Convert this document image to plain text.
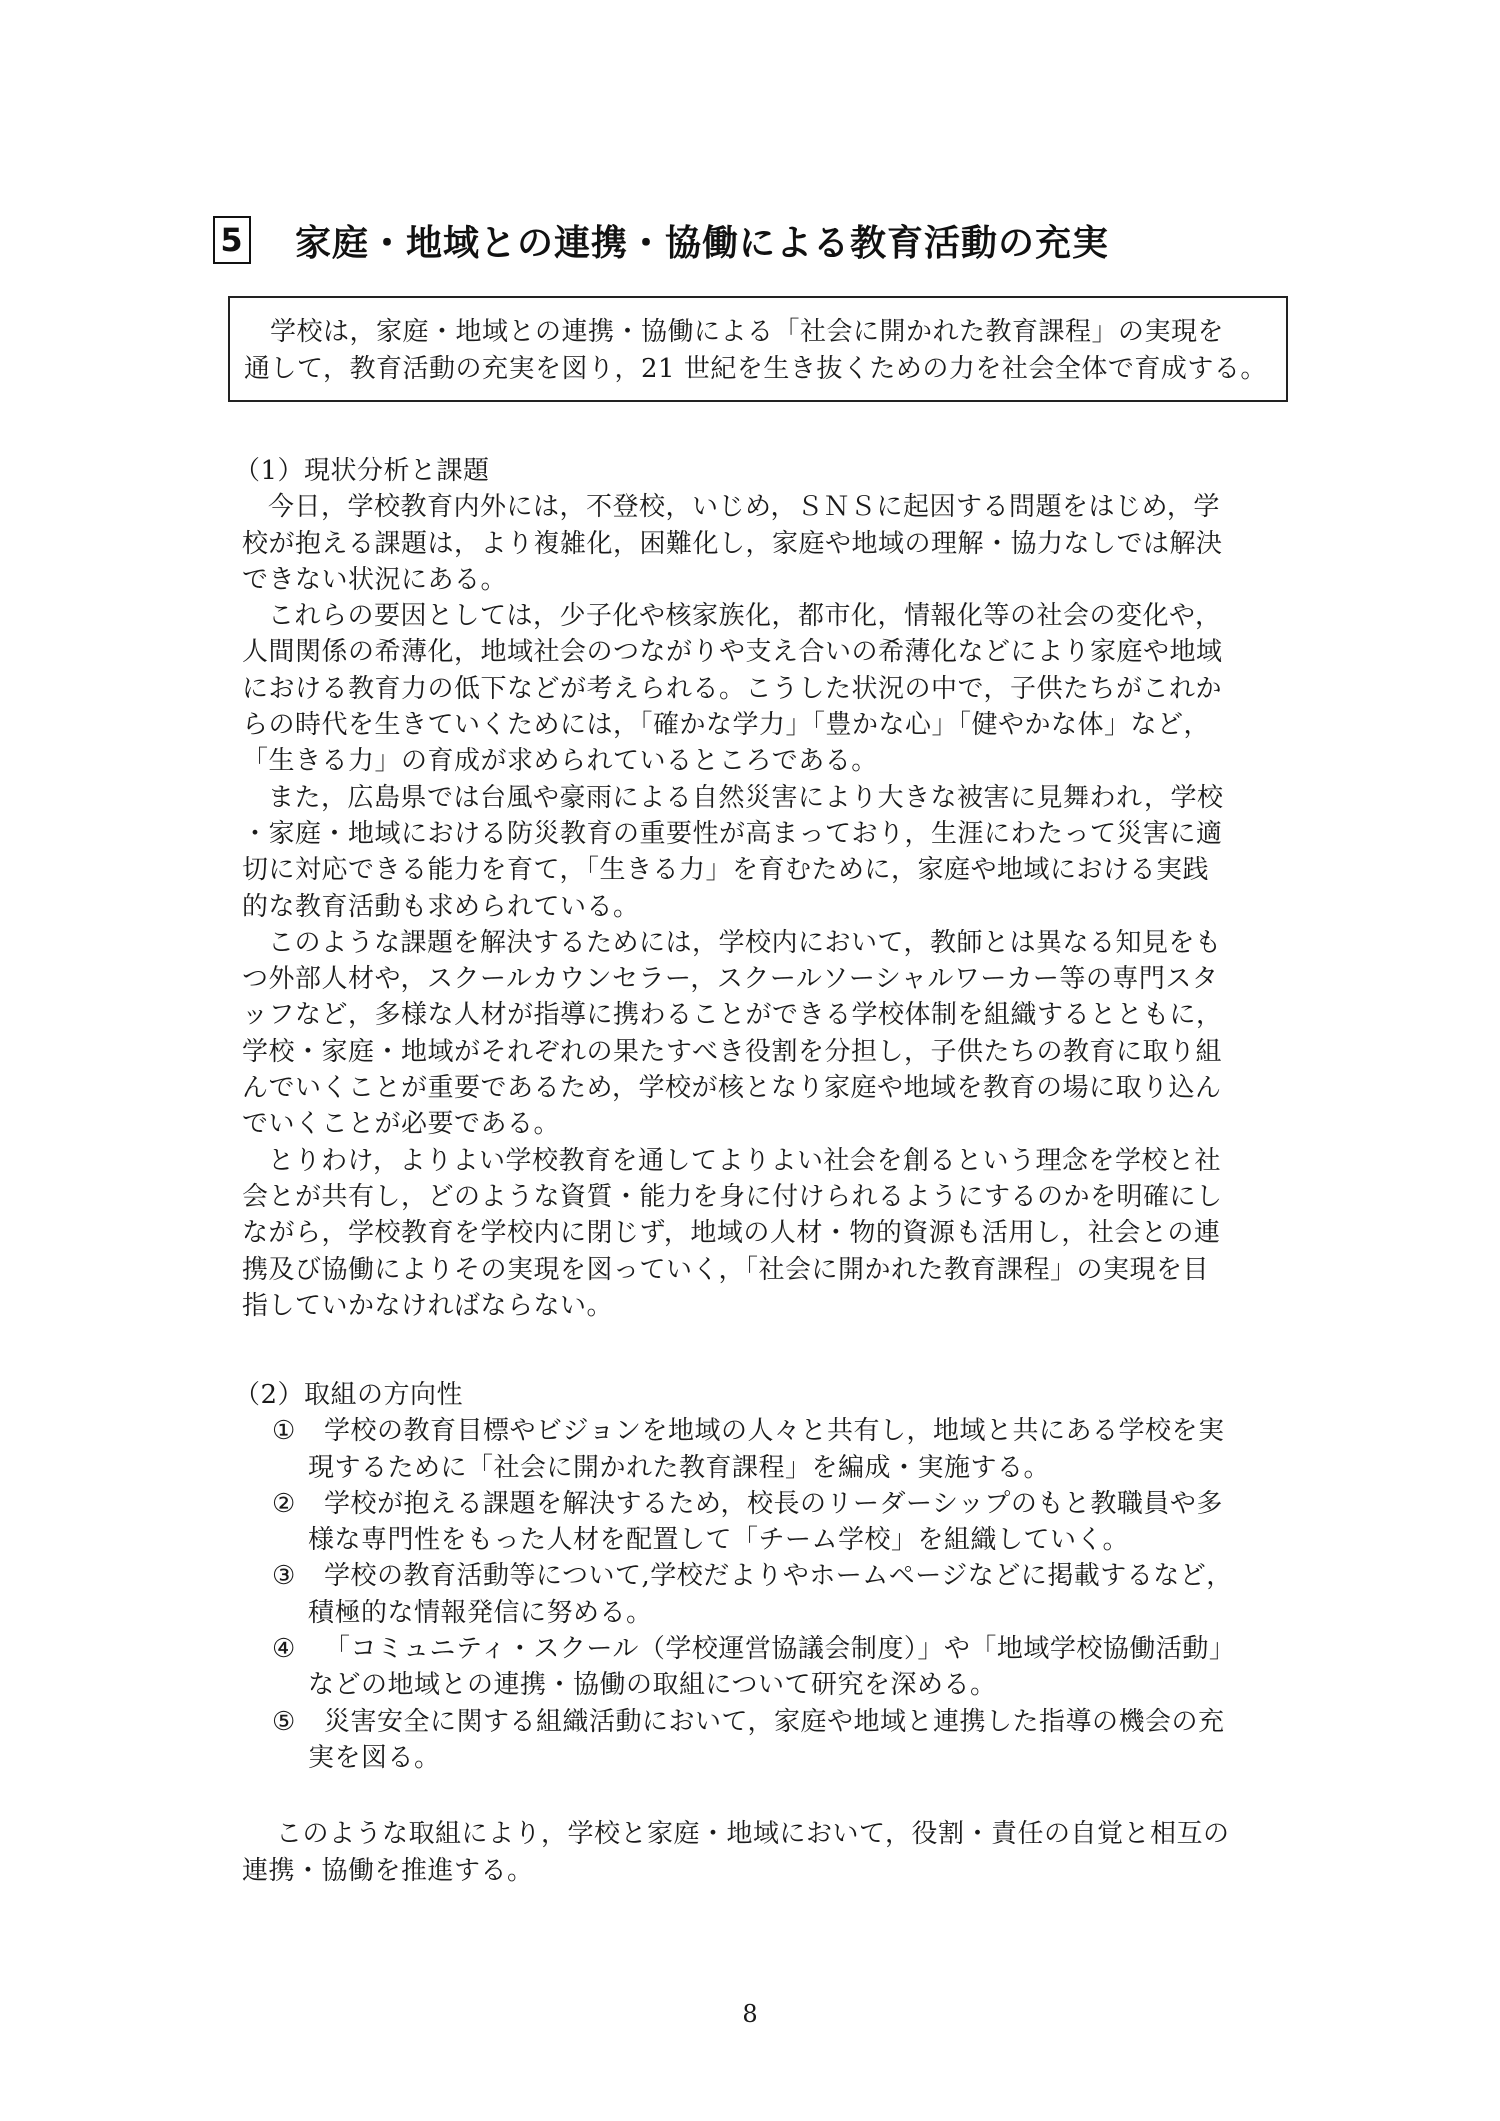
5 家庭・地域との連携・協働による教育活動の充実

学校は，家庭・地域との連携・協働による「社会に開かれた教育課程」の実現を

通して，教育活動の充実を図り，21 世紀を生き抜くための力を社会全体で育成する。

（1）現状分析と課題

今日，学校教育内外には，不登校，いじめ，ＳＮＳに起因する問題をはじめ，学

校が抱える課題は，より複雑化，困難化し，家庭や地域の理解・協力なしでは解決

できない状況にある。

これらの要因としては，少子化や核家族化，都市化，情報化等の社会の変化や，

人間関係の希薄化，地域社会のつながりや支え合いの希薄化などにより家庭や地域

における教育力の低下などが考えられる。こうした状況の中で，子供たちがこれか

らの時代を生きていくためには，「確かな学力」「豊かな心」「健やかな体」など，

「生きる力」の育成が求められているところである。

また，広島県では台風や豪雨による自然災害により大きな被害に見舞われ，学校

・家庭・地域における防災教育の重要性が高まっており，生涯にわたって災害に適

切に対応できる能力を育て，「生きる力」を育むために，家庭や地域における実践

的な教育活動も求められている。

このような課題を解決するためには，学校内において，教師とは異なる知見をも

つ外部人材や，スクールカウンセラー，スクールソーシャルワーカー等の専門スタ

ッフなど，多様な人材が指導に携わることができる学校体制を組織するとともに，

学校・家庭・地域がそれぞれの果たすべき役割を分担し，子供たちの教育に取り組

んでいくことが重要であるため，学校が核となり家庭や地域を教育の場に取り込ん

でいくことが必要である。

とりわけ，よりよい学校教育を通してよりよい社会を創るという理念を学校と社

会とが共有し，どのような資質・能力を身に付けられるようにするのかを明確にし

ながら，学校教育を学校内に閉じず，地域の人材・物的資源も活用し，社会との連

携及び協働によりその実現を図っていく，「社会に開かれた教育課程」の実現を目

指していかなければならない。

（2）取組の方向性

① 学校の教育目標やビジョンを地域の人々と共有し，地域と共にある学校を実

現するために「社会に開かれた教育課程」を編成・実施する。

② 学校が抱える課題を解決するため，校長のリーダーシップのもと教職員や多

様な専門性をもった人材を配置して「チーム学校」を組織していく。

③ 学校の教育活動等について,学校だよりやホームページなどに掲載するなど，

積極的な情報発信に努める。

④ 「コミュニティ・スクール（学校運営協議会制度）」や「地域学校協働活動」

などの地域との連携・協働の取組について研究を深める。

⑤ 災害安全に関する組織活動において，家庭や地域と連携した指導の機会の充

実を図る。

このような取組により，学校と家庭・地域において，役割・責任の自覚と相互の

連携・協働を推進する。

8
